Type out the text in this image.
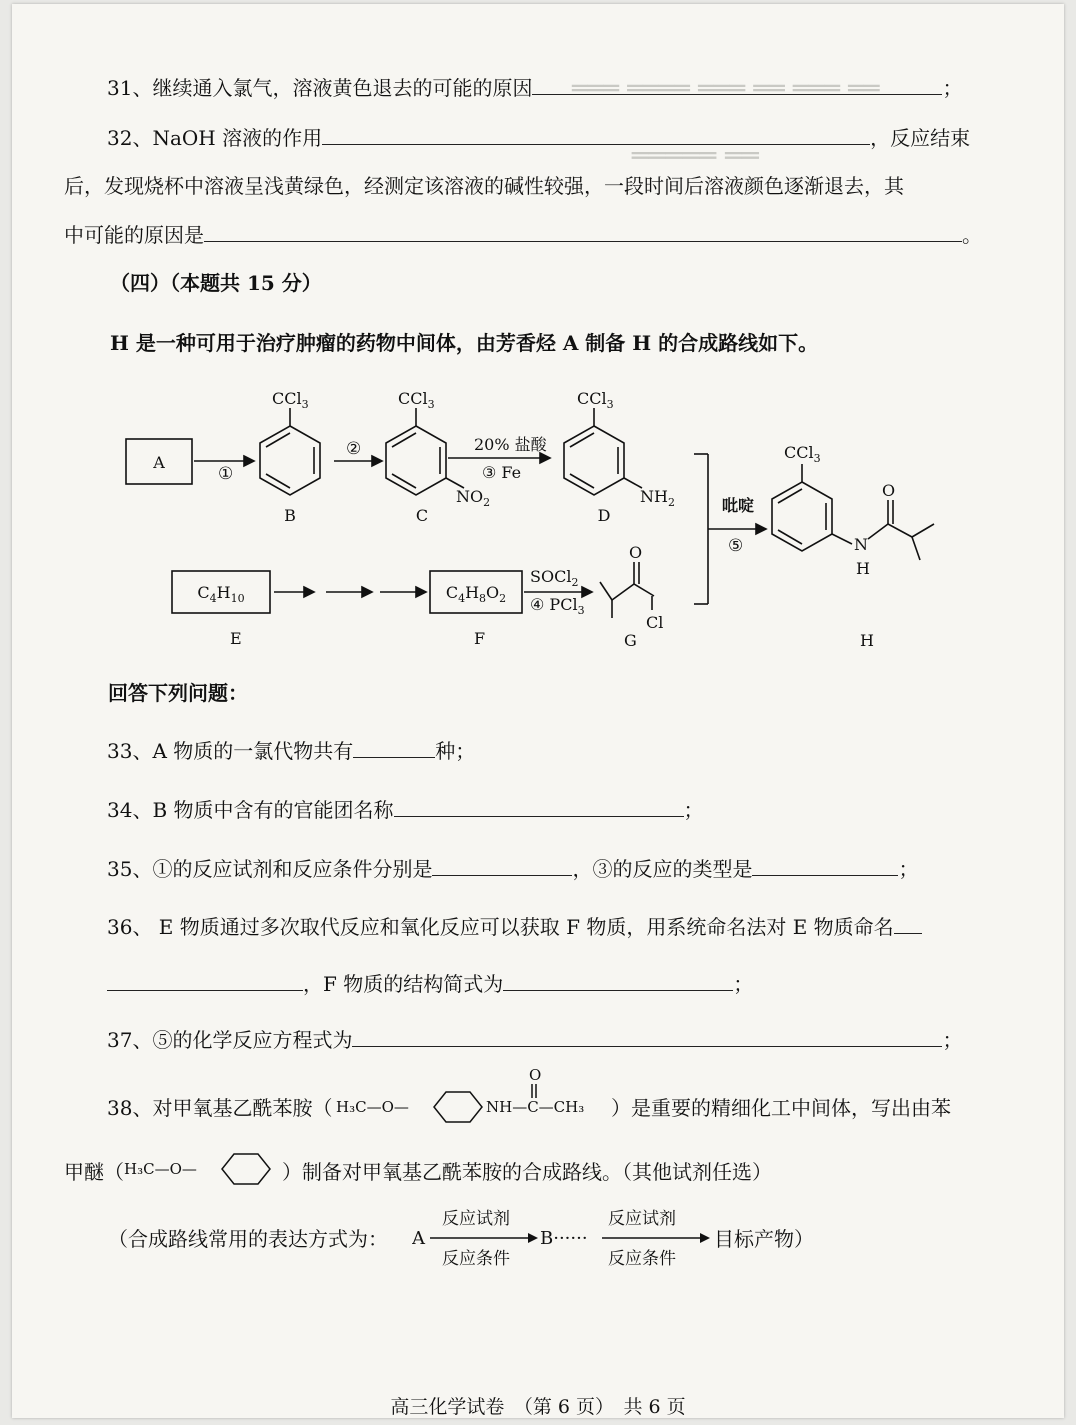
═══ ════ ═══ ══ ═══ ══
═════ ══
31、继续通入氯气，溶液黄色退去的可能的原因	；
32、NaOH 溶液的作用	，反应结束
后，发现烧杯中溶液呈浅黄绿色，经测定该溶液的碱性较强，一段时间后溶液颜色逐渐退去，其
中可能的原因是	。
（四）（本题共 15 分）
H 是一种可用于治疗肿瘤的药物中间体，由芳香烃 A 制备 H 的合成路线如下。
A
①
CCl$_3$
B
②
CCl$_3$
$NO_2$
C
20% 盐酸
③ Fe
CCl$_3$
$NH_2$
D
吡啶
⑤
CCl$_3$
N
H
O
H
$C_4H_{10}$
E
$C_4H_8O_2$
F
SOCl$_2$
④ PCl$_3$
O
Cl
G
回答下列问题：
33、A 物质的一氯代物共有	种；
34、B 物质中含有的官能团名称	；
35、①的反应试剂和反应条件分别是	，③的反应的类型是	；
36、 E 物质通过多次取代反应和氧化反应可以获取 F 物质，用系统命名法对 E 物质命名
，F 物质的结构简式为	；
37、⑤的化学反应方程式为	；
38、对甲氧基乙酰苯胺（ H₃C—O—	NH—C—CH₃
O
）是重要的精细化工中间体，写出由苯
甲醚（ H₃C—O—	）制备对甲氧基乙酰苯胺的合成路线。（其他试剂任选）
（合成路线常用的表达方式为： A	B······
反应试剂
反应条件
反应试剂
反应条件
目标产物）
高三化学试卷　（第 6 页）　共 6 页
